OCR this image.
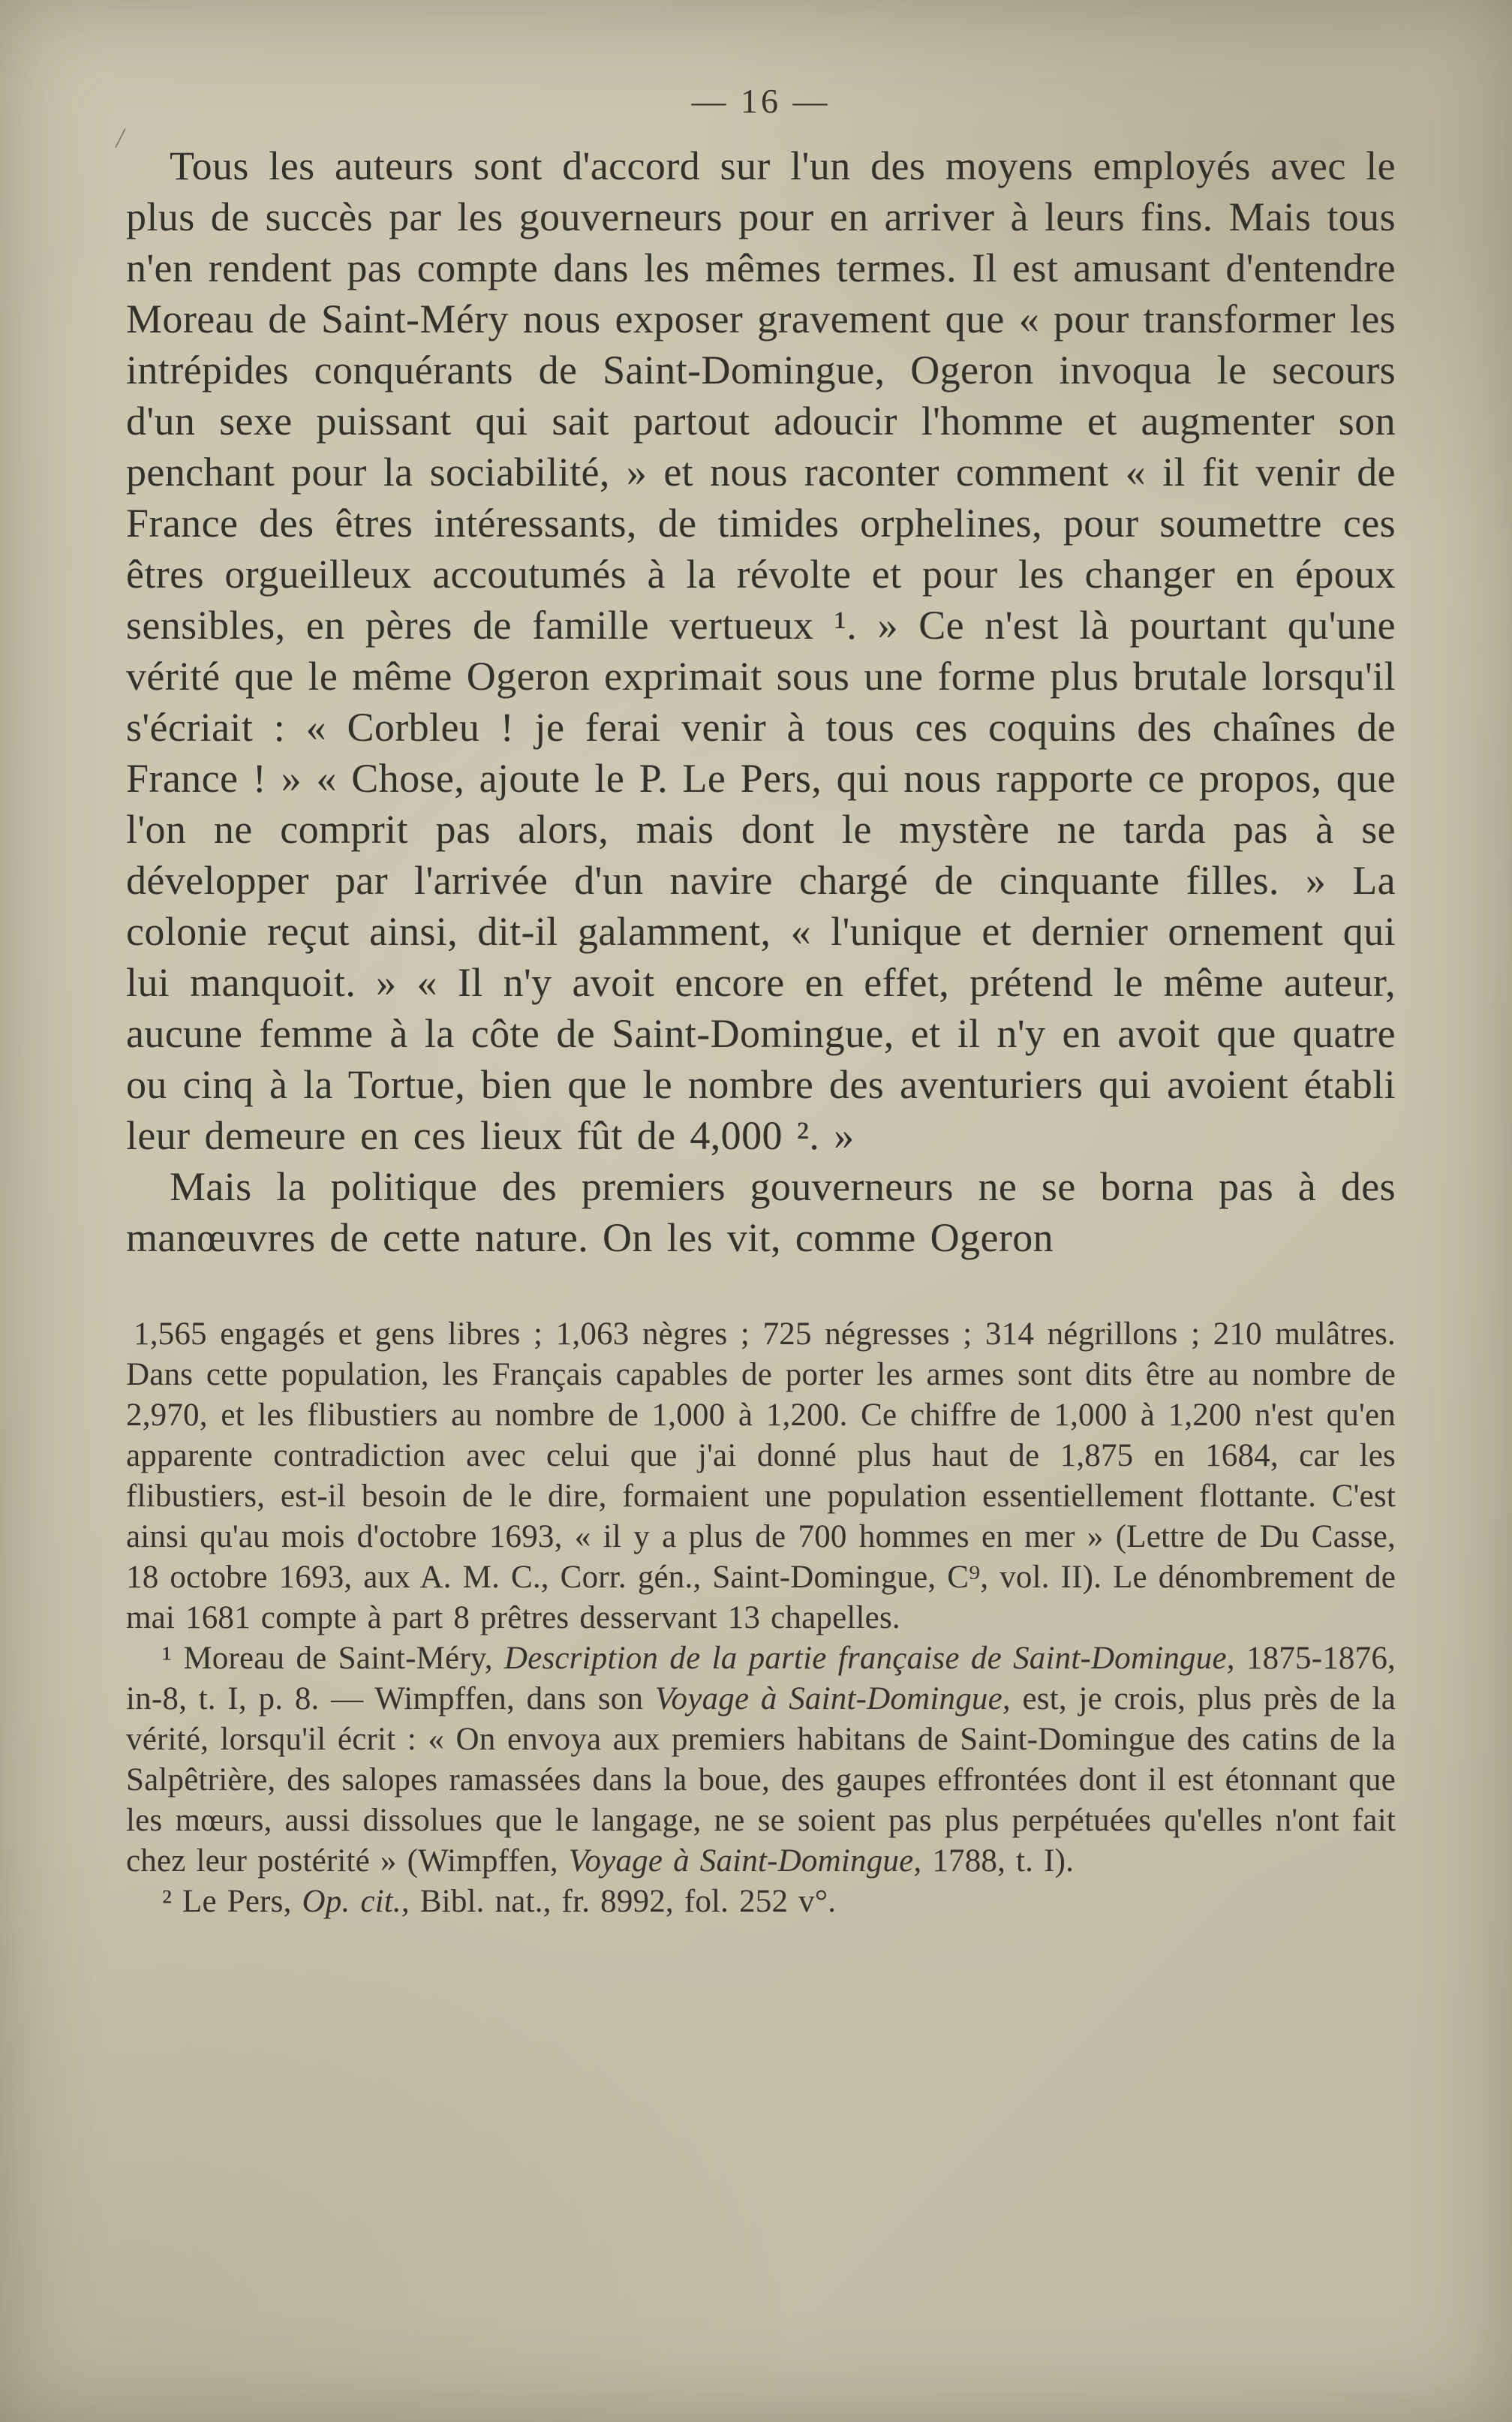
/

— 16 —

Tous les auteurs sont d'accord sur l'un des moyens employés avec le plus de succès par les gouverneurs pour en arriver à leurs fins. Mais tous n'en rendent pas compte dans les mêmes termes. Il est amusant d'entendre Moreau de Saint-Méry nous exposer gravement que « pour transformer les intrépides conquérants de Saint-Domingue, Ogeron invoqua le secours d'un sexe puissant qui sait partout adoucir l'homme et augmenter son penchant pour la sociabilité, » et nous raconter comment « il fit venir de France des êtres intéressants, de timides orphelines, pour soumettre ces êtres orgueilleux accoutumés à la révolte et pour les changer en époux sensibles, en pères de famille vertueux ¹. » Ce n'est là pourtant qu'une vérité que le même Ogeron exprimait sous une forme plus brutale lorsqu'il s'écriait : « Corbleu ! je ferai venir à tous ces coquins des chaînes de France ! » « Chose, ajoute le P. Le Pers, qui nous rapporte ce propos, que l'on ne comprit pas alors, mais dont le mystère ne tarda pas à se développer par l'arrivée d'un navire chargé de cinquante filles. » La colonie reçut ainsi, dit-il galamment, « l'unique et dernier ornement qui lui manquoit. » « Il n'y avoit encore en effet, prétend le même auteur, aucune femme à la côte de Saint-Domingue, et il n'y en avoit que quatre ou cinq à la Tortue, bien que le nombre des aventuriers qui avoient établi leur demeure en ces lieux fût de 4,000 ². »

Mais la politique des premiers gouverneurs ne se borna pas à des manœuvres de cette nature. On les vit, comme Ogeron

1,565 engagés et gens libres ; 1,063 nègres ; 725 négresses ; 314 négrillons ; 210 mulâtres. Dans cette population, les Français capables de porter les armes sont dits être au nombre de 2,970, et les flibustiers au nombre de 1,000 à 1,200. Ce chiffre de 1,000 à 1,200 n'est qu'en apparente contradiction avec celui que j'ai donné plus haut de 1,875 en 1684, car les flibustiers, est-il besoin de le dire, formaient une population essentiellement flottante. C'est ainsi qu'au mois d'octobre 1693, « il y a plus de 700 hommes en mer » (Lettre de Du Casse, 18 octobre 1693, aux A. M. C., Corr. gén., Saint-Domingue, C⁹, vol. II). Le dénombrement de mai 1681 compte à part 8 prêtres desservant 13 chapelles.

¹ Moreau de Saint-Méry, Description de la partie française de Saint-Domingue, 1875-1876, in-8, t. I, p. 8. — Wimpffen, dans son Voyage à Saint-Domingue, est, je crois, plus près de la vérité, lorsqu'il écrit : « On envoya aux premiers habitans de Saint-Domingue des catins de la Salpêtrière, des salopes ramassées dans la boue, des gaupes effrontées dont il est étonnant que les mœurs, aussi dissolues que le langage, ne se soient pas plus perpétuées qu'elles n'ont fait chez leur postérité » (Wimpffen, Voyage à Saint-Domingue, 1788, t. I).

² Le Pers, Op. cit., Bibl. nat., fr. 8992, fol. 252 v°.
